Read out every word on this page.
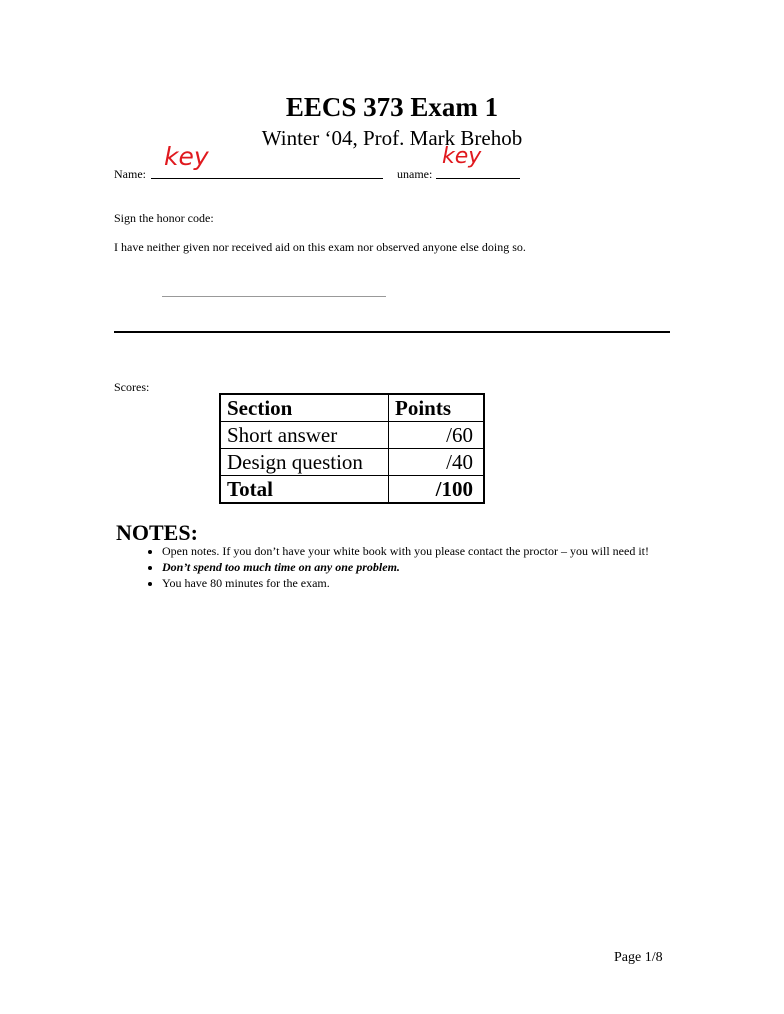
EECS 373 Exam 1
Winter ‘04, Prof. Mark Brehob
Name:
key
uname:
key
Sign the honor code:
I have neither given nor received aid on this exam nor observed anyone else doing so.
Scores:
Section	Points
Short answer	/60
Design question	/40
Total	/100
NOTES:
• Open notes. If you don’t have your white book with you please contact the proctor – you will need it!
• Don’t spend too much time on any one problem.
• You have 80 minutes for the exam.
Page 1/8
